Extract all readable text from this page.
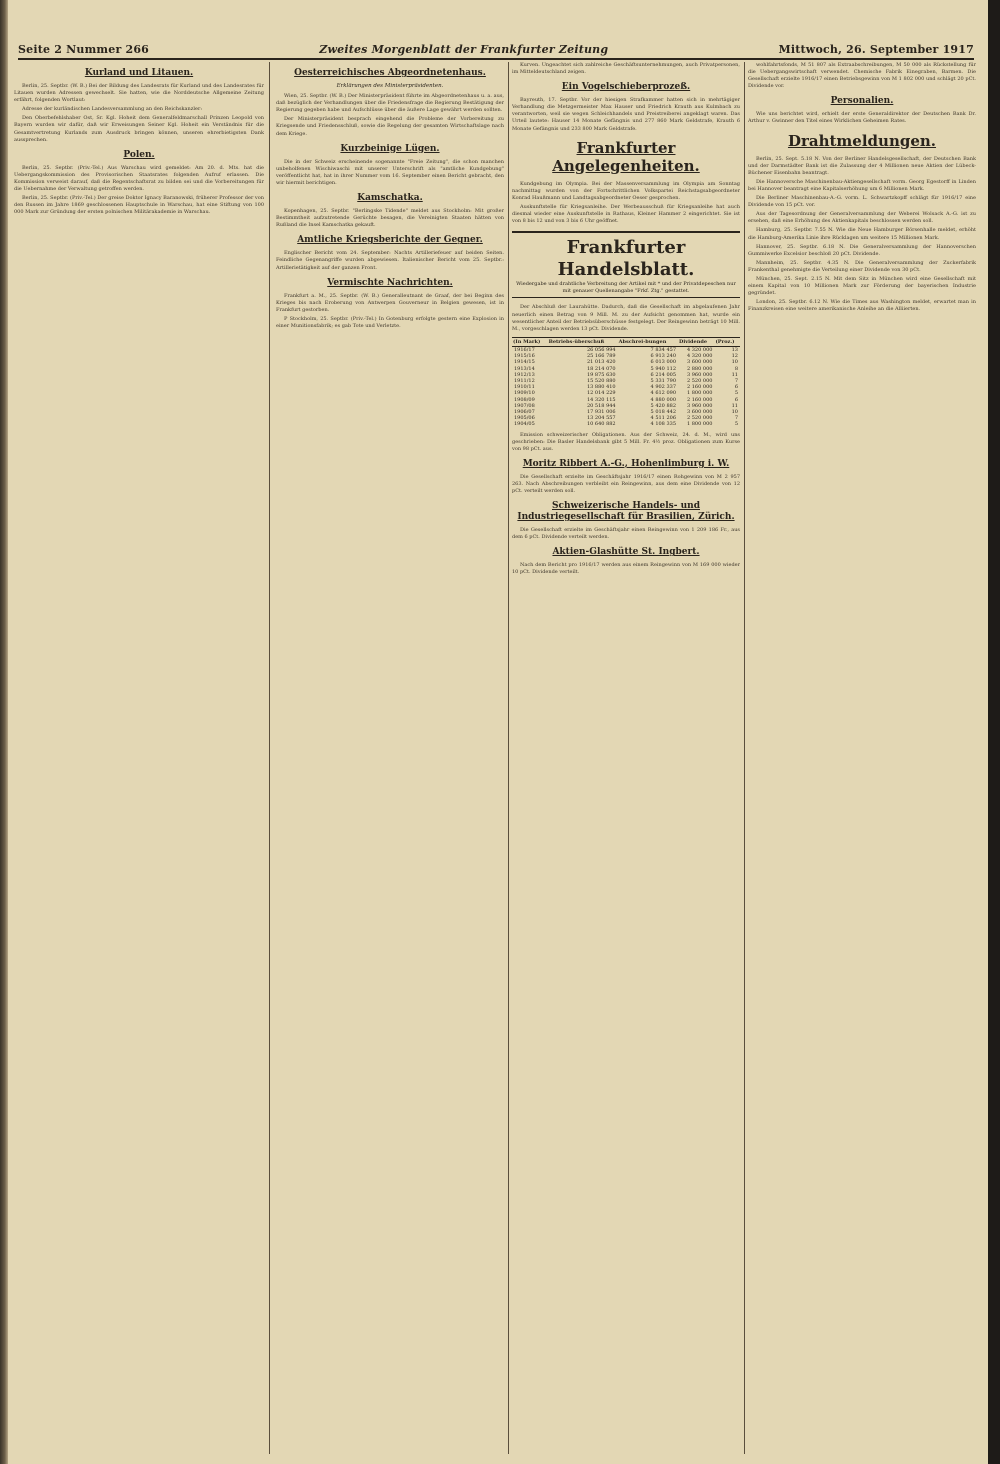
Seite 2 Nummer 266	Zweites Morgenblatt der Frankfurter Zeitung	Mittwoch, 26. September 1917
Kurland und Litauen.

Berlin, 25. Septbr. (W. B.) Bei der Bildung des Landesrats für Kurland und des Landesrates für Litauen wurden Adressen gewechselt. Sie hatten, wie die Norddeutsche Allgemeine Zeitung erfährt, folgenden Wortlaut:

Adresse der kurländischen Landesversammlung an den Reichskanzler:

Den Oberbefehlshaber Ost, Sr. Kgl. Hoheit dem Generalfeldmarschall Prinzen Leopold von Bayern wurden wir dafür, daß wir Erweisungen Seiner Kgl. Hoheit ein Verständnis für die Gesamtvertretung Kurlands zum Ausdruck bringen können, unseren ehrerbietigsten Dank aussprechen.

Polen.

Berlin, 25. Septbr. (Priv.-Tel.) Aus Warschau wird gemeldet: Am 20. d. Mts. hat die Uebergangskommission des Provisorischen Staatsrates folgenden Aufruf erlassen. Die Kommission verweist darauf, daß die Regentschaftsrat zu bilden sei und die Vorbereitungen für die Uebernahme der Verwaltung getroffen werden.

Berlin, 25. Septbr. (Priv.-Tel.) Der greise Doktor Ignacy Baranowski, früherer Professor der von den Russen im Jahre 1869 geschlossenen Hauptschule in Warschau, hat eine Stiftung von 100 000 Mark zur Gründung der ersten polnischen Militärakademie in Warschau.

Oesterreichisches Abgeordnetenhaus.
Erklärungen des Ministerpräsidenten.

Wien, 25. Septbr. (W. B.) Der Ministerpräsident führte im Abgeordnetenhaus u. a. aus, daß bezüglich der Verhandlungen über die Friedensfrage die Regierung Bestätigung der Regierung gegeben habe und Aufschlüsse über die äußere Lage gewährt werden sollten.

Der Ministerpräsident besprach eingehend die Probleme der Vorbereitung zu Kriegsende und Friedensschluß, sowie die Regelung der gesamten Wirtschaftslage nach dem Kriege.

Kurzbeinige Lügen.

Die in der Schweiz erscheinende sogenannte "Freie Zeitung", die schon manchen unbeholfenen Wischiwaschi mit unserer Unterschrift als "amtliche Kundgebung" veröffentlicht hat, hat in ihrer Nummer vom 16. September einen Bericht gebracht, den wir hiermit berichtigen.

Kamschatka.

Kopenhagen, 25. Septbr. "Berlingske Tidende" meldet aus Stockholm: Mit großer Bestimmtheit aufzutretende Gerüchte besagen, die Vereinigten Staaten hätten von Rußland die Insel Kamschatka gekauft.

Amtliche Kriegsberichte der Gegner.

Englischer Bericht vom 24. September: Nachts Artilleriefeuer auf beiden Seiten. Feindliche Gegenangriffe wurden abgewiesen. Italienischer Bericht vom 25. Septbr.: Artillerietätigkeit auf der ganzen Front.

Vermischte Nachrichten.

Frankfurt a. M., 25. Septbr. (W. B.) Generalleutnant de Graaf, der bei Beginn des Krieges bis nach Eroberung von Antwerpen Gouverneur in Belgien gewesen, ist in Frankfurt gestorben.

P Stockholm, 25. Septbr. (Priv.-Tel.) In Gotenburg erfolgte gestern eine Explosion in einer Munitionsfabrik; es gab Tote und Verletzte.

Kurven. Ungeachtet sich zahlreiche Geschäftsunternehmungen, auch Privatpersonen, im Mitteldeutschland zeigen.

Ein Vogelschieberprozeß.

Bayreuth, 17. Septbr. Vor der hiesigen Strafkammer hatten sich in mehrtägiger Verhandlung die Metzgermeister Max Hauser und Friedrich Krauth aus Kulmbach zu verantworten, weil sie wegen Schleichhandels und Preistreiberei angeklagt waren. Das Urteil lautete: Hauser 14 Monate Gefängnis und 277 860 Mark Geldstrafe, Krauth 6 Monate Gefängnis und 233 800 Mark Geldstrafe.

Frankfurter Angelegenheiten.

Kundgebung im Olympia. Bei der Massenversammlung im Olympia am Sonntag nachmittag wurden von der Fortschrittlichen Volkspartei Reichstagsabgeordneter Konrad Haußmann und Landtagsabgeordneter Oeser gesprochen.

Auskunftstelle für Kriegsanleihe. Der Werbeausschuß für Kriegsanleihe hat auch diesmal wieder eine Auskunftstelle in Rathaus, Kleiner Hammer 2 eingerichtet. Sie ist von 8 bis 12 und von 3 bis 6 Uhr geöffnet.

Frankfurter Handelsblatt.
Wiedergabe und drahtliche Verbreitung der Artikel mit * und der Privatdepeschen nur mit genauer Quellenangabe "Frkf. Ztg." gestattet.

Der Abschluß der Laurahütte. Dadurch, daß die Gesellschaft im abgelaufenen Jahr neuerlich einen Betrag von 9 Mill. M. zu der Aufsicht genommen hat, wurde ein wesentlicher Anteil der Betriebsüberschüsse festgelegt. Der Reingewinn beträgt 10 Mill. M., vorgeschlagen werden 13 pCt. Dividende.

(In Mark)	Betriebs-überschuß	Abschrei-bungen	Dividende	(Proz.)
1916/17	26 056 994	7 834 457	4 320 000	13
1915/16	25 166 789	6 913 240	4 320 000	12
1914/15	21 013 420	6 013 000	3 600 000	10
1913/14	18 214 070	5 940 112	2 880 000	8
1912/13	19 875 630	6 214 005	3 960 000	11
1911/12	15 520 880	5 331 790	2 520 000	7
1910/11	13 880 410	4 902 337	2 160 000	6
1909/10	12 014 229	4 612 090	1 800 000	5
1908/09	14 320 115	4 880 000	2 160 000	6
1907/08	20 518 944	5 420 882	3 960 000	11
1906/07	17 931 006	5 018 442	3 600 000	10
1905/06	13 204 557	4 511 206	2 520 000	7
1904/05	10 640 882	4 108 335	1 800 000	5

Emission schweizerischer Obligationen. Aus der Schweiz, 24. d. M., wird uns geschrieben: Die Basler Handelsbank gibt 5 Mill. Fr. 4½ proz. Obligationen zum Kurse von 98 pCt. aus.

Moritz Ribbert A.-G., Hohenlimburg i. W.

Die Gesellschaft erzielte im Geschäftsjahr 1916/17 einen Rohgewinn von M 2 957 263. Nach Abschreibungen verbleibt ein Reingewinn, aus dem eine Dividende von 12 pCt. verteilt werden soll.

Schweizerische Handels- und Industriegesellschaft für Brasilien, Zürich.

Die Gesellschaft erzielte im Geschäftsjahr einen Reingewinn von 1 209 186 Fr., aus dem 6 pCt. Dividende verteilt werden.

Aktien-Glashütte St. Ingbert.

Nach dem Bericht pro 1916/17 werden aus einem Reingewinn von M 169 000 wieder 10 pCt. Dividende verteilt.

wohlfahrtsfonds, M 51 807 als Extraabschreibungen, M 50 000 als Rückstellung für die Uebergangswirtschaft verwendet. Chemische Fabrik Einegraben, Barmen. Die Gesellschaft erzielte 1916/17 einen Betriebsgewinn von M 1 802 000 und schlägt 20 pCt. Dividende vor.

Personalien.

Wie uns berichtet wird, erhielt der erste Generaldirektor der Deutschen Bank Dr. Arthur v. Gwinner den Titel eines Wirklichen Geheimen Rates.

Drahtmeldungen.

Berlin, 25. Sept. 5.18 N. Von der Berliner Handelsgesellschaft, der Deutschen Bank und der Darmstädter Bank ist die Zulassung der 4 Millionen neue Aktien der Lübeck-Büchener Eisenbahn beantragt.

Die Hannoversche Maschinenbau-Aktiengesellschaft vorm. Georg Egestorff in Linden bei Hannover beantragt eine Kapitalserhöhung um 6 Millionen Mark.

Die Berliner Maschinenbau-A.-G. vorm. L. Schwartzkopff schlägt für 1916/17 eine Dividende von 15 pCt. vor.

Aus der Tagesordnung der Generalversammlung der Weberei Wolsack A.-G. ist zu ersehen, daß eine Erhöhung des Aktienkapitals beschlossen werden soll.

Hamburg, 25. Septbr. 7.55 N. Wie die Neue Hamburger Börsenhalle meldet, erhöht die Hamburg-Amerika Linie ihre Rücklagen um weitere 15 Millionen Mark.

Hannover, 25. Septbr. 6.18 N. Die Generalversammlung der Hannoverschen Gummiwerke Excelsior beschloß 20 pCt. Dividende.

Mannheim, 25. Septbr. 4.35 N. Die Generalversammlung der Zuckerfabrik Frankenthal genehmigte die Verteilung einer Dividende von 30 pCt.

München, 25. Sept. 2.15 N. Mit dem Sitz in München wird eine Gesellschaft mit einem Kapital von 10 Millionen Mark zur Förderung der bayerischen Industrie gegründet.

London, 25. Septbr. 6.12 N. Wie die Times aus Washington meldet, erwartet man in Finanzkreisen eine weitere amerikanische Anleihe an die Alliierten.
